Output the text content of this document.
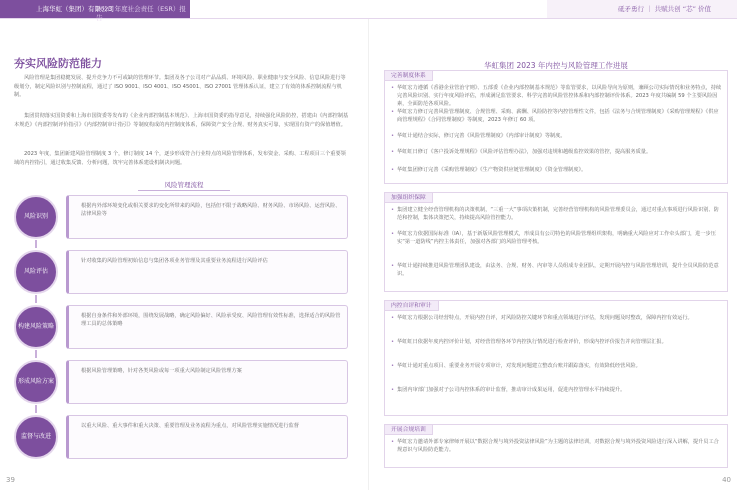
上海华虹（集团）有限公司
2023 年度社会责任（ESR）报告
砥矛勇行 ｜ 共赋共创 “芯” 价值
夯实风险防范能力
风险管理是集团稳健发展、提升竞争力不可或缺的管理环节。集团及各子公司对产品品质、环境风险、职业健康与安全风险、信息风险进行等级划分，制定风险识别与控制流程，通过了 ISO 9001、ISO 4001、ISO 45001、ISO 27001 管理体系认证，建立了有效的体系控制流程与机制。
集团贯彻落实国资委和上海市国资委等发布的《企业内部控制基本规范》、上海市国资委的指导意见，持续强化风险防控，搭建由《内部控制基本规范》《内部控制评价指引》《内部控制审计指引》等制度构成的内控制度体系，保障资产安全合规、财务真实可靠，实现国有资产的保值增值。
2023 年度，集团新建风险管理制度 3 个，修订制度 14 个，逐步形成符合行业特点的风险管理体系，发布资金、采购、工程项目三个重要领域的内控指引，通过收集反馈、分析问题，筑牢完善体系建设机制决问题。
风险管理流程
风险识别
根据内外部环境变化或相关要求的变化所带来的风险，包括但不限于战略风险、财务风险、市场风险、运营风险、法律风险等
风险评估
针对收集的风险管理初始信息与集团各项业务管理及其重要业务流程进行风险评估
构建风险策略
根据自身条件和外部环境，围绕发展战略，确定风险偏好、风险承受度、风险管理有效性标准，选择适合的风险管理工具的总体策略
形成风险方案
根据风险管理策略，针对各类风险或每一项重大风险制定风险管理方案
监督与改进
以重大风险、重大事件和重大决策、重要管理及业务流程为重点，对风险管理实施情况进行监督
华虹集团 2023 年内控与风险管理工作进展
完善制度体系
• 华虹宏力遵循《香港企业管治守则》、五部委《企业内部控制基本规范》等监管要求，以风险导向为原则，兼顾公司实际情况和业务特点，持续完善风险识别、实行年度风险评估，形成满足监管要求、科学完善的风险管控体系和内部控制评价体系。2023 年度共编制 59 个主要风险因素，全面防范各项风险。
• 华虹宏力修订完善风险管理制度、合规管理、采购、薪酬、风险防控等内控管理性文件，包括《法务与合规管理制度》《采购管理规程》《供应商管理规程》《合同管理制度》等制度，2023 年修订 60 项。
• 华虹计通结合实际，修订完善《风险管理制度》《内部审计制度》等制度。
• 华虹虹日修订《客户投诉处理规程》《风险评估管理办法》，加强对违规和越级监控效果的管控，提高服务质量。
• 华虹集团修订完善《采购管理制度》《生产物资供应链管理制度》《资金管理制度》。
加强组织保障
• 集团建立健全经营管理机构的决策机制，“三重一大”事项决策机制，完善经营管理机构的风险管理委员会，通过对重点事项进行风险识别、防范和控制，集体决策把关，持续提高风险管控能力。
• 华虹宏力依据国际标准（IA），基于新版风险管理模式，形成具有公司特色的风险管理组织架构，明确重大风险应对工作牵头部门，进一步压实“第一道防线”内控主体责任，加强对各部门的风险管理考核。
• 华虹计通持续推进风险管理团队建设，由法务、合规、财务、内审等人员组成专业团队，定期开展内控与风险管理培训，提升全员风险防范意识。
内控自评和审计
• 华虹宏力根据公司经营特点，开展内控自评，对风险防控关键环节和重点领域进行评估，发现问题及时整改，保障内控有效运行。
• 华虹虹日依据年度内控评价计划，对经营管理各环节内控执行情况进行检查评价，形成内控评价报告并向管理层汇报。
• 华虹计通对重点项目、重要业务开展专项审计，对发现问题建立整改台账并跟踪落实，有效降低经营风险。
• 集团内审部门加强对子公司内控体系的审计监督，推动审计成果运用，促进内控管理水平持续提升。
开展合规培训
• 华虹宏力邀请外部专家律师开展以“数据合规与境外投资法律风险”为主题的法律培训，对数据合规与境外投资风险进行深入讲解，提升员工合规意识与风险防范能力。
39	40
